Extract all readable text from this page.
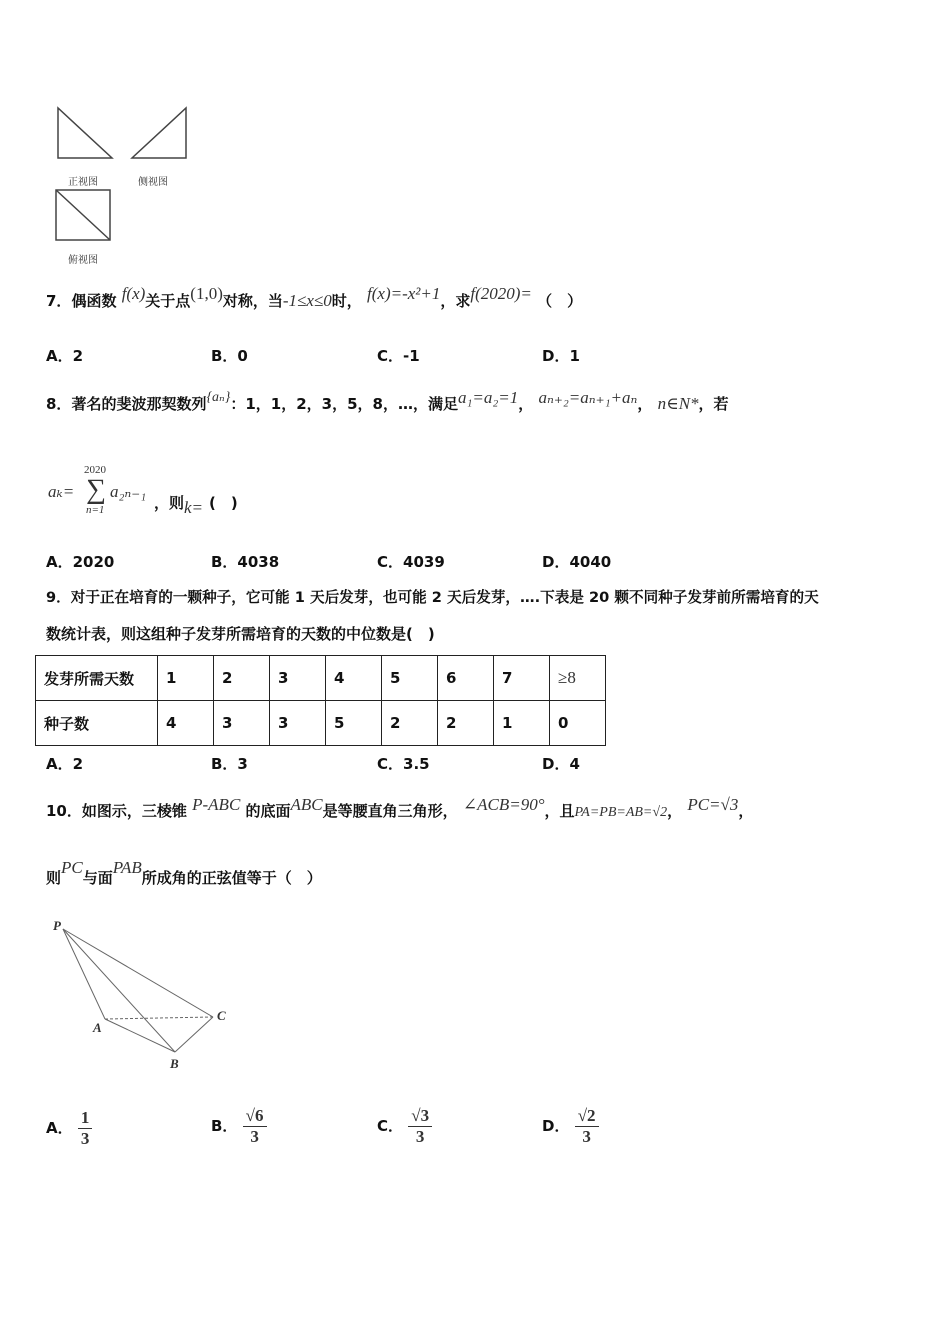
正视图	侧视图
俯视图
7．偶函数 f(x)关于点(1,0)对称，当-1≤x≤0时， f(x)=-x²+1，求f(2020)= （　）
A．2	B．0	C．-1	D．1
8．著名的斐波那契数列{aₙ}：1，1，2，3，5，8，…，满足a₁=a₂=1， aₙ₊₂=aₙ₊₁+aₙ， n∈N*，若
aₖ=
2020
∑
n=1
a₂ₙ₋₁
，则 k= (　)
A．2020	B．4038	C．4039	D．4040
9．对于正在培育的一颗种子，它可能 1 天后发芽，也可能 2 天后发芽，….下表是 20 颗不同种子发芽前所需培育的天
数统计表，则这组种子发芽所需培育的天数的中位数是(　)
发芽所需天数	1	2	3	4	5	6	7	≥8
种子数	4	3	3	5	2	2	1	0
A．2	B．3	C．3.5	D．4
10．如图示，三棱锥 P-ABC 的底面ABC是等腰直角三角形， ∠ACB=90°，且PA=PB=AB=√2， PC=√3，
则PC与面PAB所成角的正弦值等于（　）
P
A
B
C
A． $\frac{1}{3}$	B． $\frac{√6}{3}$	C． $\frac{√3}{3}$	D． $\frac{√2}{3}$
